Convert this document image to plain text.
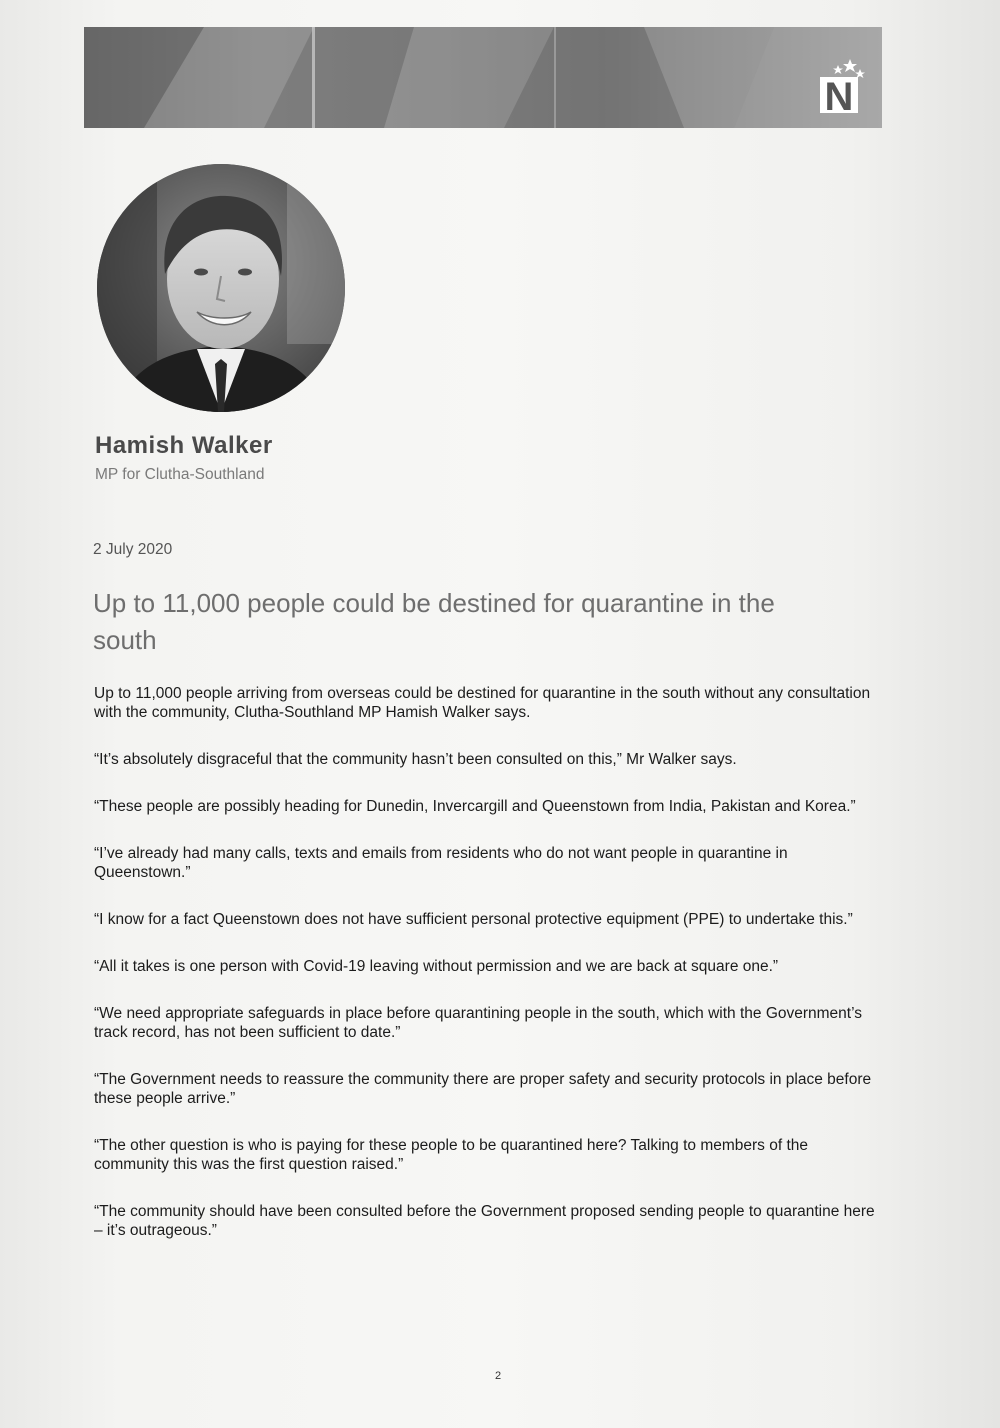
N
Hamish Walker

MP for Clutha-Southland

2 July 2020

Up to 11,000 people could be destined for quarantine in the south

Up to 11,000 people arriving from overseas could be destined for quarantine in the south without any consultation with the community, Clutha-Southland MP Hamish Walker says.

“It’s absolutely disgraceful that the community hasn’t been consulted on this,” Mr Walker says.

“These people are possibly heading for Dunedin, Invercargill and Queenstown from India, Pakistan and Korea.”

“I’ve already had many calls, texts and emails from residents who do not want people in quarantine in Queenstown.”

“I know for a fact Queenstown does not have sufficient personal protective equipment (PPE) to undertake this.”

“All it takes is one person with Covid-19 leaving without permission and we are back at square one.”

“We need appropriate safeguards in place before quarantining people in the south, which with the Government’s track record, has not been sufficient to date.”

“The Government needs to reassure the community there are proper safety and security protocols in place before these people arrive.”

“The other question is who is paying for these people to be quarantined here? Talking to members of the community this was the first question raised.”

“The community should have been consulted before the Government proposed sending people to quarantine here – it’s outrageous.”

2
